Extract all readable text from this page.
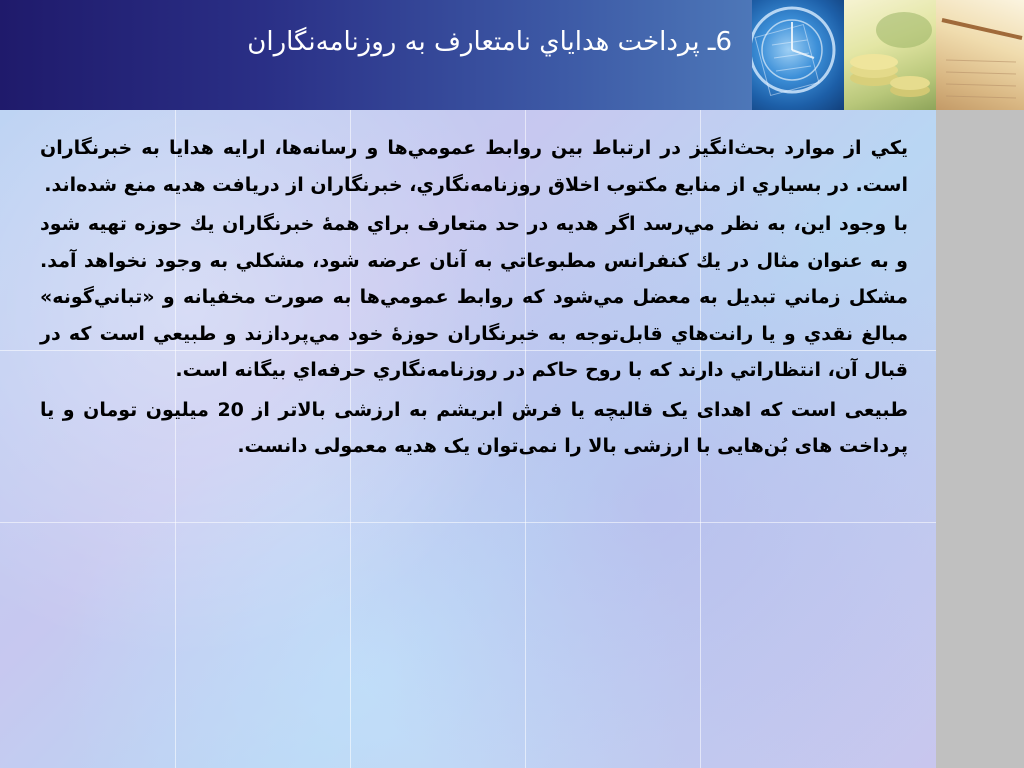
6ـ پرداخت هدایاي نامتعارف به روزنامه‌نگاران

يكي از موارد بحث‌انگيز در ارتباط بين روابط عمومي‌ها و رسانه‌ها، ارايه هدايا به خبرنگاران است. در بسياري از منابع مكتوب اخلاق روزنامه‌نگاري، خبرنگاران از دريافت هديه منع شده‌اند.

با وجود اين، به نظر مي‌رسد اگر هديه در حد متعارف براي همهٔ خبرنگاران يك حوزه تهيه شود و به عنوان مثال در يك كنفرانس مطبوعاتي به آنان عرضه شود، مشكلي به وجود نخواهد آمد. مشكل زماني تبديل به معضل مي‌شود كه روابط عمومي‌ها به صورت مخفيانه و «تباني‌گونه» مبالغ نقدي و يا رانت‌هاي قابل‌توجه به خبرنگاران حوزهٔ خود مي‌پردازند و طبيعي است كه در قبال آن، انتظاراتي دارند كه با روح حاكم در روزنامه‌نگاري حرفه‌اي بيگانه است.

طبیعی است که اهدای یک قالیچه یا فرش ابریشم به ارزشی بالاتر از 20 میلیون تومان و یا پرداخت های بُن‌هایی با ارزشی بالا را نمی‌توان یک هدیه معمولی دانست.
